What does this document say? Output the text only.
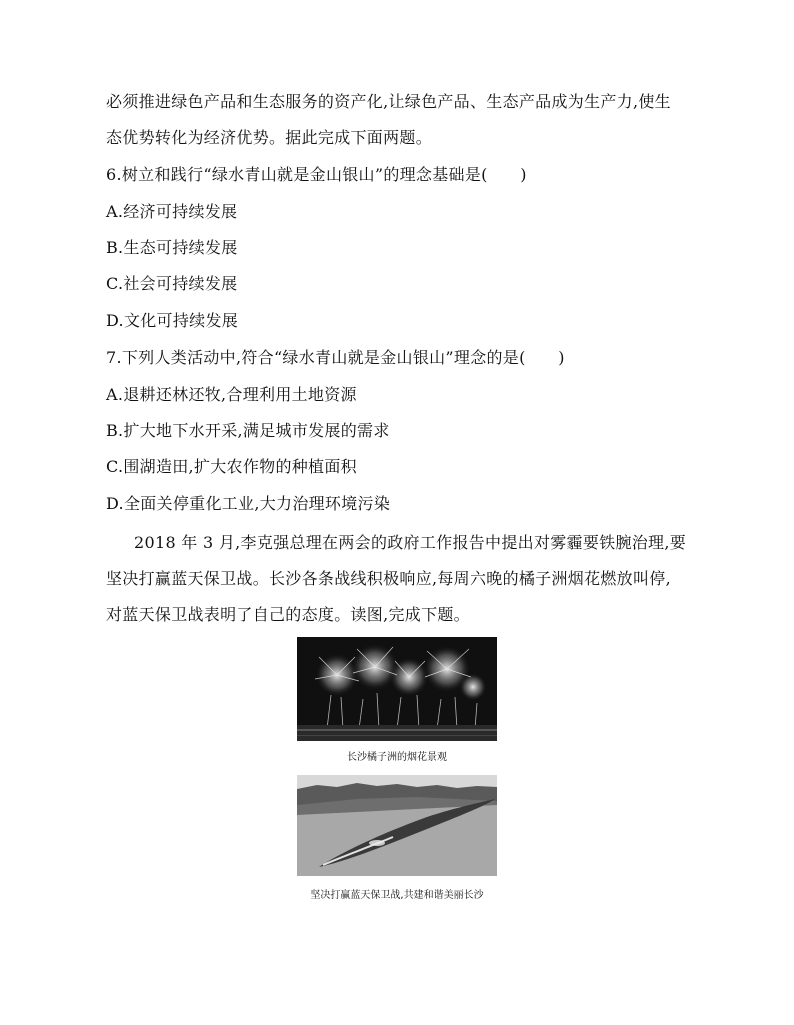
必须推进绿色产品和生态服务的资产化,让绿色产品、生态产品成为生产力,使生
态优势转化为经济优势。据此完成下面两题。
6.树立和践行“绿水青山就是金山银山”的理念基础是(　　)
A.经济可持续发展
B.生态可持续发展
C.社会可持续发展
D.文化可持续发展
7.下列人类活动中,符合“绿水青山就是金山银山”理念的是(　　)
A.退耕还林还牧,合理利用土地资源
B.扩大地下水开采,满足城市发展的需求
C.围湖造田,扩大农作物的种植面积
D.全面关停重化工业,大力治理环境污染
2018 年 3 月,李克强总理在两会的政府工作报告中提出对雾霾要铁腕治理,要
坚决打赢蓝天保卫战。长沙各条战线积极响应,每周六晚的橘子洲烟花燃放叫停,
对蓝天保卫战表明了自己的态度。读图,完成下题。
长沙橘子洲的烟花景观
坚决打赢蓝天保卫战,共建和谐美丽长沙
